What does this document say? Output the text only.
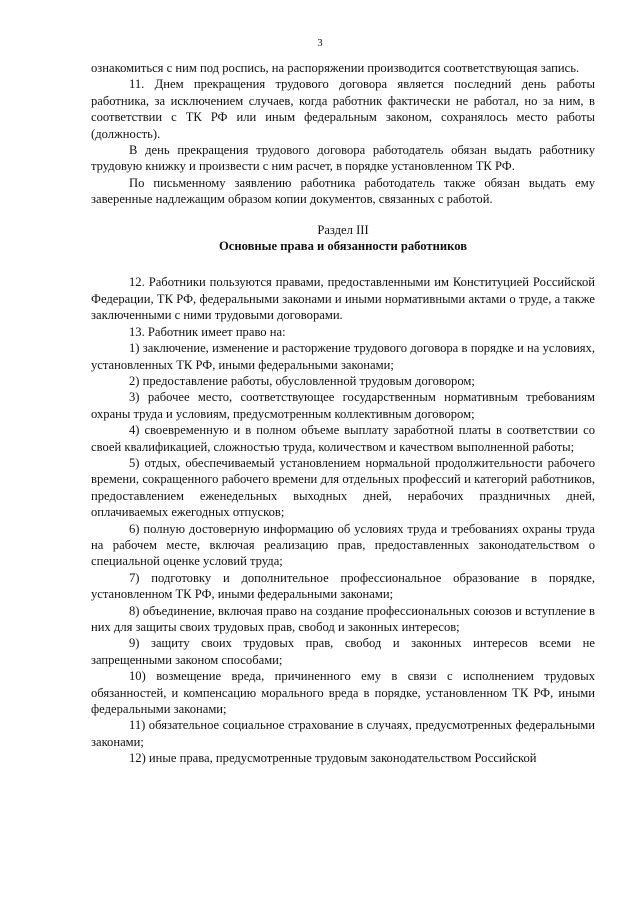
3

ознакомиться с ним под роспись, на распоряжении производится соответствующая запись.

11. Днем прекращения трудового договора является последний день работы работника, за исключением случаев, когда работник фактически не работал, но за ним, в соответствии с ТК РФ или иным федеральным законом, сохранялось место работы (должность).

В день прекращения трудового договора работодатель обязан выдать работнику трудовую книжку и произвести с ним расчет, в порядке установленном ТК РФ.

По письменному заявлению работника работодатель также обязан выдать ему заверенные надлежащим образом копии документов, связанных с работой.

Раздел III
Основные права и обязанности работников

12. Работники пользуются правами, предоставленными им Конституцией Российской Федерации, ТК РФ, федеральными законами и иными нормативными актами о труде, а также заключенными с ними трудовыми договорами.

13. Работник имеет право на:

1) заключение, изменение и расторжение трудового договора в порядке и на условиях, установленных ТК РФ, иными федеральными законами;

2) предоставление работы, обусловленной трудовым договором;

3) рабочее место, соответствующее государственным нормативным требованиям охраны труда и условиям, предусмотренным коллективным договором;

4) своевременную и в полном объеме выплату заработной платы в соответствии со своей квалификацией, сложностью труда, количеством и качеством выполненной работы;

5) отдых, обеспечиваемый установлением нормальной продолжительности рабочего времени, сокращенного рабочего времени для отдельных профессий и категорий работников, предоставлением еженедельных выходных дней, нерабочих праздничных дней, оплачиваемых ежегодных отпусков;

6) полную достоверную информацию об условиях труда и требованиях охраны труда на рабочем месте, включая реализацию прав, предоставленных законодательством о специальной оценке условий труда;

7) подготовку и дополнительное профессиональное образование в порядке, установленном ТК РФ, иными федеральными законами;

8) объединение, включая право на создание профессиональных союзов и вступление в них для защиты своих трудовых прав, свобод и законных интересов;

9) защиту своих трудовых прав, свобод и законных интересов всеми не запрещенными законом способами;

10) возмещение вреда, причиненного ему в связи с исполнением трудовых обязанностей, и компенсацию морального вреда в порядке, установленном ТК РФ, иными федеральными законами;

11) обязательное социальное страхование в случаях, предусмотренных федеральными законами;

12) иные права, предусмотренные трудовым законодательством Российской
